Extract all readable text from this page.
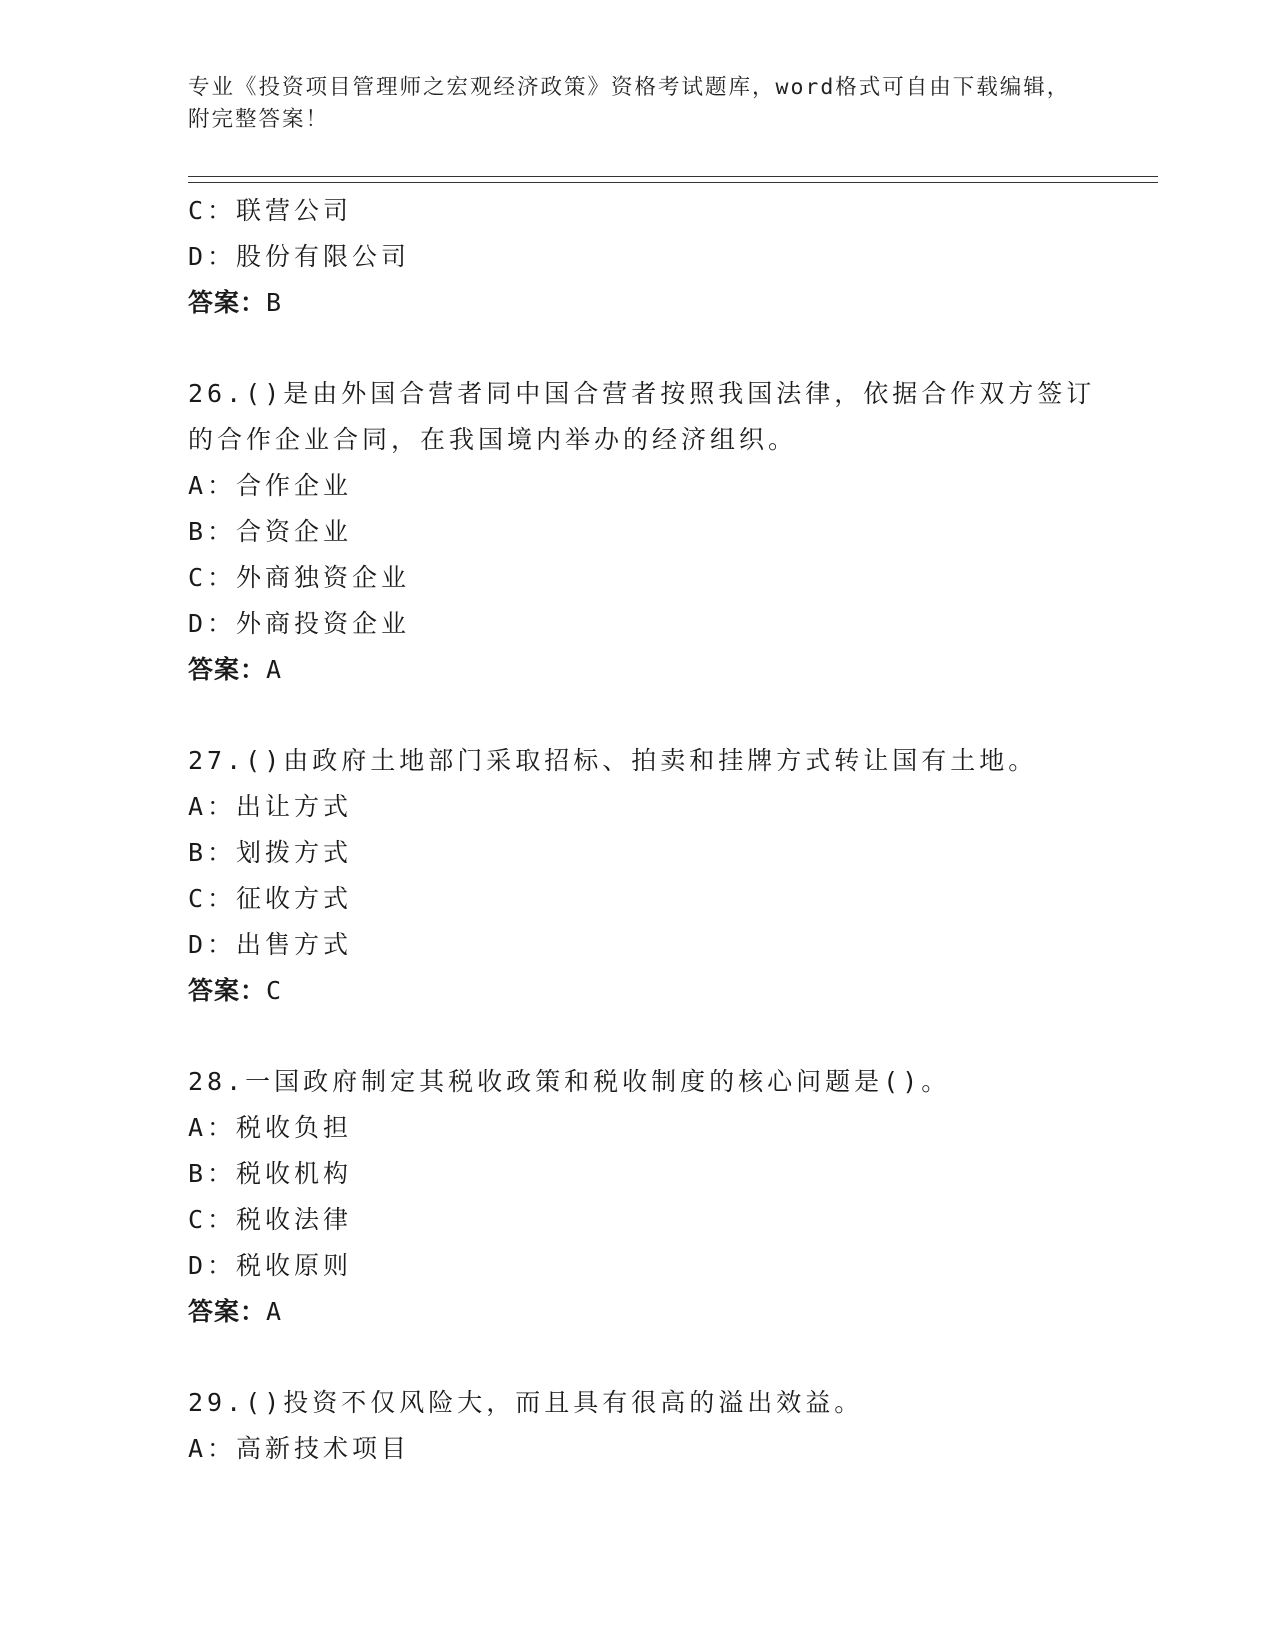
专业《投资项目管理师之宏观经济政策》资格考试题库，word格式可自由下载编辑，附完整答案！
C：联营公司
D：股份有限公司
答案：B
26.()是由外国合营者同中国合营者按照我国法律，依据合作双方签订
的合作企业合同，在我国境内举办的经济组织。
A：合作企业
B：合资企业
C：外商独资企业
D：外商投资企业
答案：A
27.()由政府土地部门采取招标、拍卖和挂牌方式转让国有土地。
A：出让方式
B：划拨方式
C：征收方式
D：出售方式
答案：C
28.一国政府制定其税收政策和税收制度的核心问题是()。
A：税收负担
B：税收机构
C：税收法律
D：税收原则
答案：A
29.()投资不仅风险大，而且具有很高的溢出效益。
A：高新技术项目
